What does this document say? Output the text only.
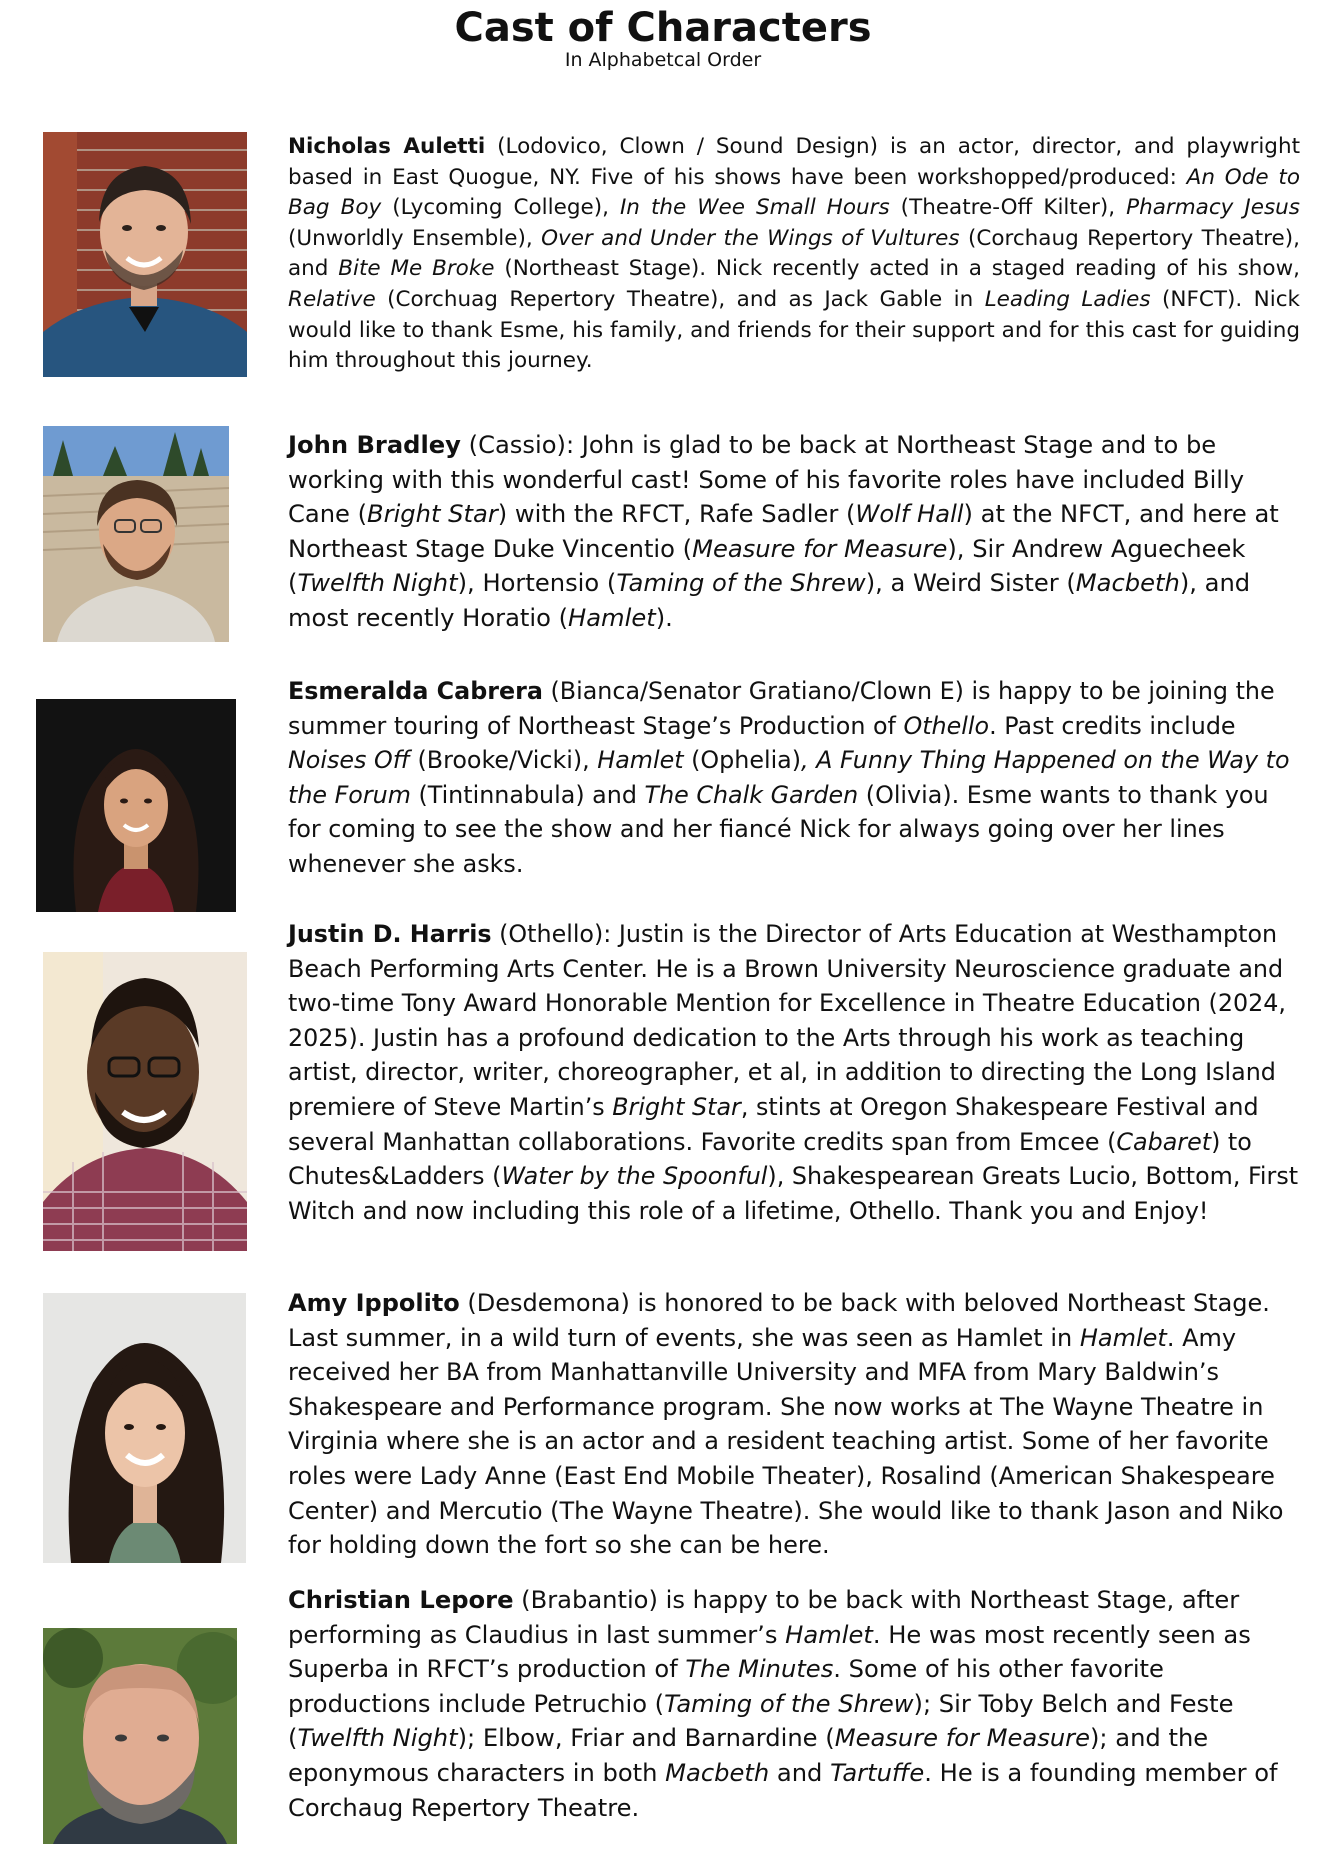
Cast of Characters
In Alphabetcal Order

Nicholas Auletti (Lodovico, Clown / Sound Design) is an actor, director, and playwright based in East Quogue, NY. Five of his shows have been workshopped/produced: An Ode to Bag Boy (Lycoming College), In the Wee Small Hours (Theatre-Off Kilter), Pharmacy Jesus (Unworldly Ensemble), Over and Under the Wings of Vultures (Corchaug Repertory Theatre), and Bite Me Broke (Northeast Stage). Nick recently acted in a staged reading of his show, Relative (Corchuag Repertory Theatre), and as Jack Gable in Leading Ladies (NFCT). Nick would like to thank Esme, his family, and friends for their support and for this cast for guiding him throughout this journey.

John Bradley (Cassio): John is glad to be back at Northeast Stage and to be working with this wonderful cast! Some of his favorite roles have included Billy Cane (Bright Star) with the RFCT, Rafe Sadler (Wolf Hall) at the NFCT, and here at Northeast Stage Duke Vincentio (Measure for Measure), Sir Andrew Aguecheek (Twelfth Night), Hortensio (Taming of the Shrew), a Weird Sister (Macbeth), and most recently Horatio (Hamlet).

Esmeralda Cabrera (Bianca/Senator Gratiano/Clown E) is happy to be joining the summer touring of Northeast Stage’s Production of Othello. Past credits include Noises Off (Brooke/Vicki), Hamlet (Ophelia), A Funny Thing Happened on the Way to the Forum (Tintinnabula) and The Chalk Garden (Olivia). Esme wants to thank you for coming to see the show and her fiancé Nick for always going over her lines whenever she asks.

Justin D. Harris (Othello): Justin is the Director of Arts Education at Westhampton Beach Performing Arts Center. He is a Brown University Neuroscience graduate and two-time Tony Award Honorable Mention for Excellence in Theatre Education (2024, 2025). Justin has a profound dedication to the Arts through his work as teaching artist, director, writer, choreographer, et al, in addition to directing the Long Island premiere of Steve Martin’s Bright Star, stints at Oregon Shakespeare Festival and several Manhattan collaborations. Favorite credits span from Emcee (Cabaret) to Chutes&Ladders (Water by the Spoonful), Shakespearean Greats Lucio, Bottom, First Witch and now including this role of a lifetime, Othello. Thank you and Enjoy!

Amy Ippolito (Desdemona) is honored to be back with beloved Northeast Stage. Last summer, in a wild turn of events, she was seen as Hamlet in Hamlet. Amy received her BA from Manhattanville University and MFA from Mary Baldwin’s Shakespeare and Performance program. She now works at The Wayne Theatre in Virginia where she is an actor and a resident teaching artist. Some of her favorite roles were Lady Anne (East End Mobile Theater), Rosalind (American Shakespeare Center) and Mercutio (The Wayne Theatre). She would like to thank Jason and Niko for holding down the fort so she can be here.

Christian Lepore (Brabantio) is happy to be back with Northeast Stage, after performing as Claudius in last summer’s Hamlet. He was most recently seen as Superba in RFCT’s production of The Minutes. Some of his other favorite productions include Petruchio (Taming of the Shrew); Sir Toby Belch and Feste (Twelfth Night); Elbow, Friar and Barnardine (Measure for Measure); and the eponymous characters in both Macbeth and Tartuffe. He is a founding member of Corchaug Repertory Theatre.
